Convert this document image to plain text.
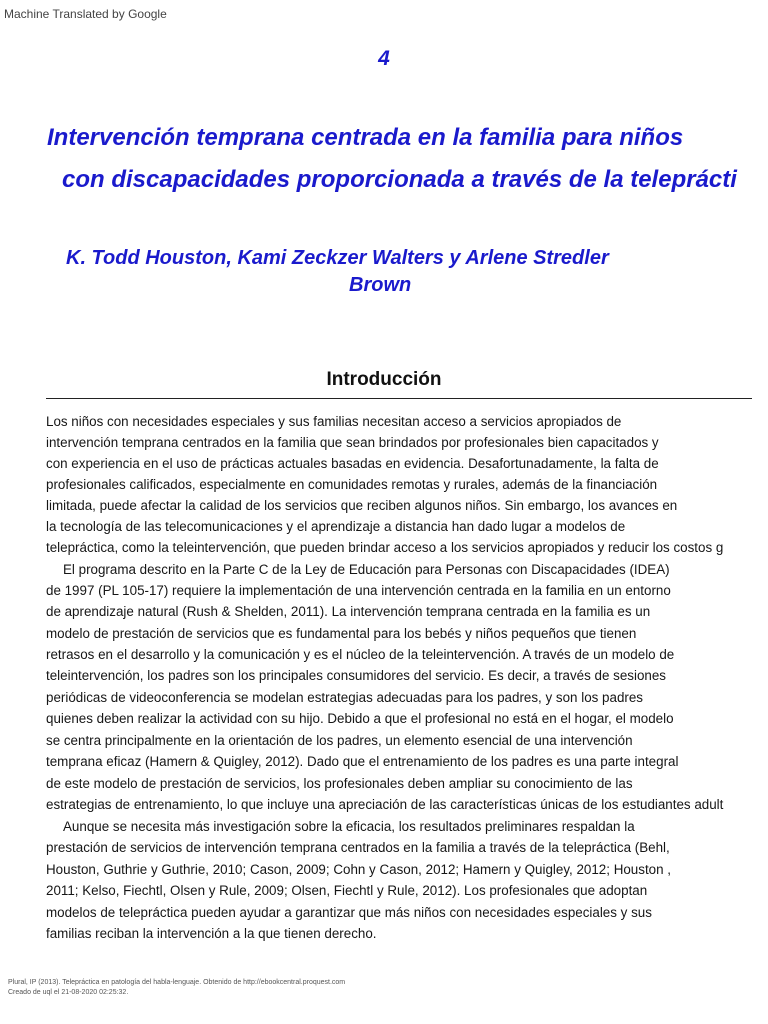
Machine Translated by Google
4
Intervención temprana centrada en la familia para niños
con discapacidades proporcionada a través de la teleprácti
K. Todd Houston, Kami Zeckzer Walters y Arlene Stredler
Brown
Introducción
Los niños con necesidades especiales y sus familias necesitan acceso a servicios apropiados de
intervención temprana centrados en la familia que sean brindados por profesionales bien capacitados y
con experiencia en el uso de prácticas actuales basadas en evidencia. Desafortunadamente, la falta de
profesionales calificados, especialmente en comunidades remotas y rurales, además de la financiación
limitada, puede afectar la calidad de los servicios que reciben algunos niños. Sin embargo, los avances en
la tecnología de las telecomunicaciones y el aprendizaje a distancia han dado lugar a modelos de
telepráctica, como la teleintervención, que pueden brindar acceso a los servicios apropiados y reducir los costos g
El programa descrito en la Parte C de la Ley de Educación para Personas con Discapacidades (IDEA)
de 1997 (PL 105-17) requiere la implementación de una intervención centrada en la familia en un entorno
de aprendizaje natural (Rush & Shelden, 2011). La intervención temprana centrada en la familia es un
modelo de prestación de servicios que es fundamental para los bebés y niños pequeños que tienen
retrasos en el desarrollo y la comunicación y es el núcleo de la teleintervención. A través de un modelo de
teleintervención, los padres son los principales consumidores del servicio. Es decir, a través de sesiones
periódicas de videoconferencia se modelan estrategias adecuadas para los padres, y son los padres
quienes deben realizar la actividad con su hijo. Debido a que el profesional no está en el hogar, el modelo
se centra principalmente en la orientación de los padres, un elemento esencial de una intervención
temprana eficaz (Hamern & Quigley, 2012). Dado que el entrenamiento de los padres es una parte integral
de este modelo de prestación de servicios, los profesionales deben ampliar su conocimiento de las
estrategias de entrenamiento, lo que incluye una apreciación de las características únicas de los estudiantes adult
Aunque se necesita más investigación sobre la eficacia, los resultados preliminares respaldan la
prestación de servicios de intervención temprana centrados en la familia a través de la telepráctica (Behl,
Houston, Guthrie y Guthrie, 2010; Cason, 2009; Cohn y Cason, 2012; Hamern y Quigley, 2012; Houston ,
2011; Kelso, Fiechtl, Olsen y Rule, 2009; Olsen, Fiechtl y Rule, 2012). Los profesionales que adoptan
modelos de telepráctica pueden ayudar a garantizar que más niños con necesidades especiales y sus
familias reciban la intervención a la que tienen derecho.
Plural, IP (2013). Telepráctica en patología del habla-lenguaje. Obtenido de http://ebookcentral.proquest.com
Creado de uql el 21-08-2020 02:25:32.
